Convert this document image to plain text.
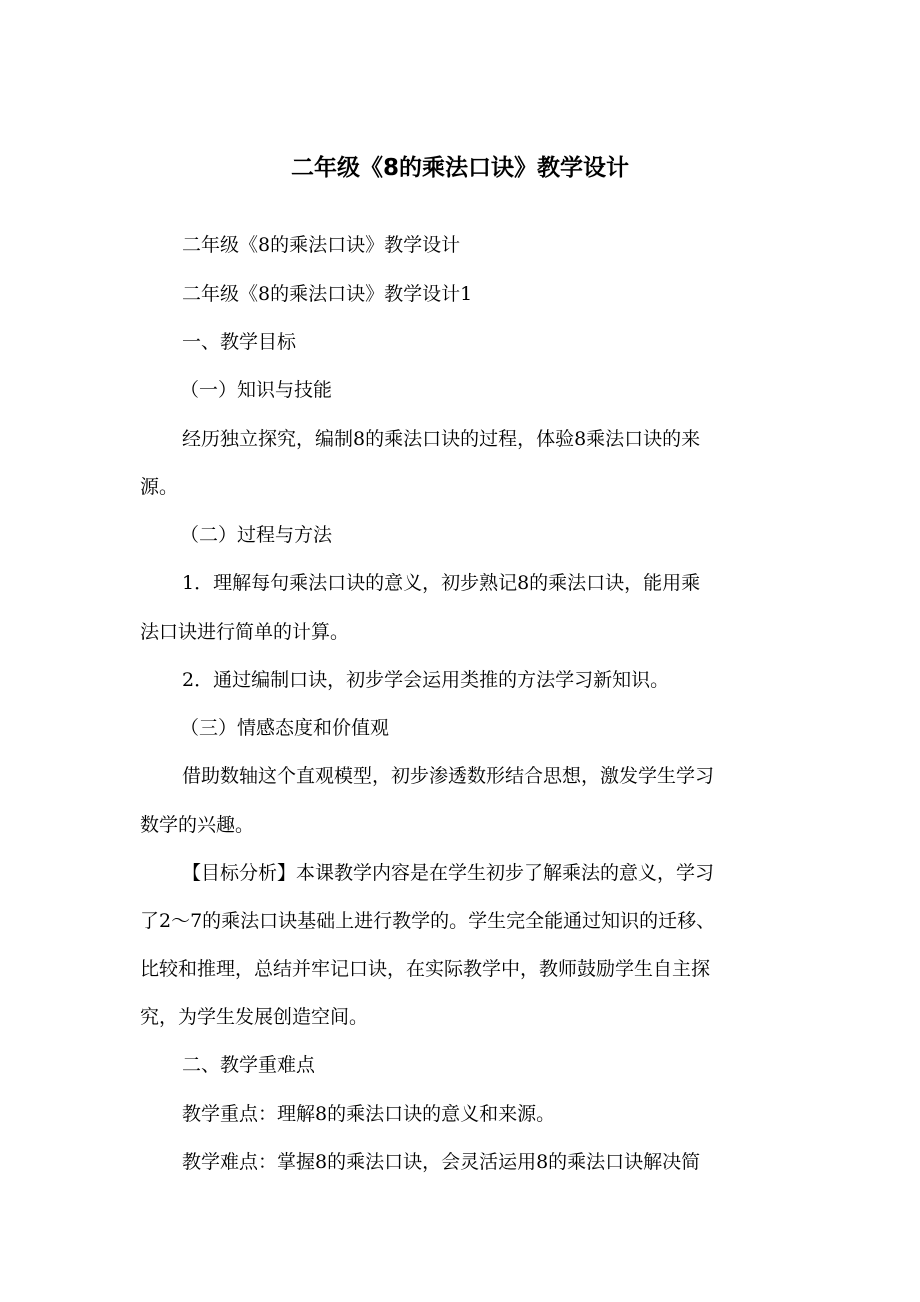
二年级《8的乘法口诀》教学设计
二年级《8的乘法口诀》教学设计
二年级《8的乘法口诀》教学设计1
一、教学目标
（一）知识与技能
经历独立探究，编制8的乘法口诀的过程，体验8乘法口诀的来
源。
（二）过程与方法
1．理解每句乘法口诀的意义，初步熟记8的乘法口诀，能用乘
法口诀进行简单的计算。
2．通过编制口诀，初步学会运用类推的方法学习新知识。
（三）情感态度和价值观
借助数轴这个直观模型，初步渗透数形结合思想，激发学生学习
数学的兴趣。
【目标分析】本课教学内容是在学生初步了解乘法的意义，学习
了2～7的乘法口诀基础上进行教学的。学生完全能通过知识的迁移、
比较和推理，总结并牢记口诀，在实际教学中，教师鼓励学生自主探
究，为学生发展创造空间。
二、教学重难点
教学重点：理解8的乘法口诀的意义和来源。
教学难点：掌握8的乘法口诀，会灵活运用8的乘法口诀解决简
